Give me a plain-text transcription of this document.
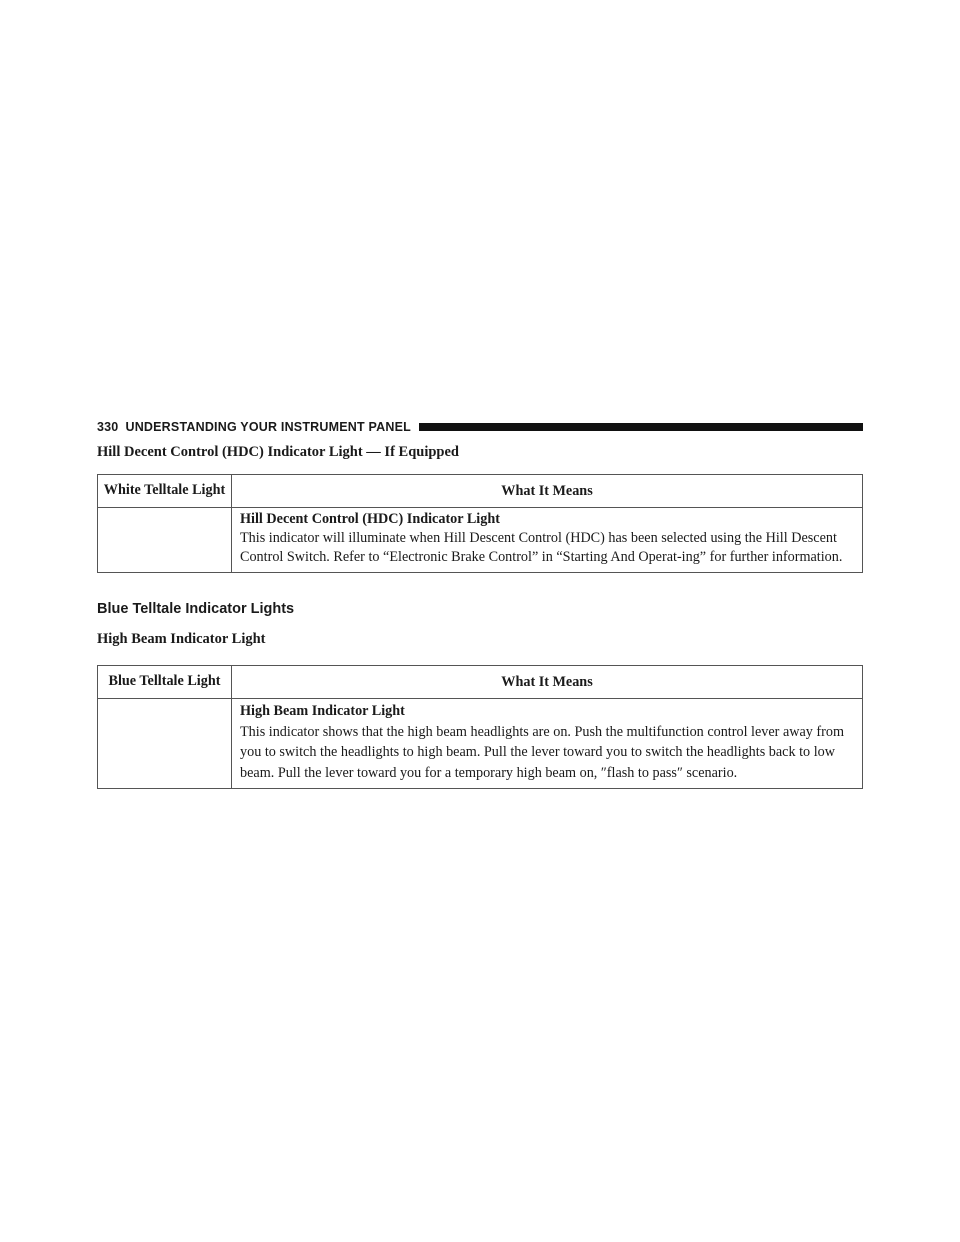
330 UNDERSTANDING YOUR INSTRUMENT PANEL
Hill Decent Control (HDC) Indicator Light — If Equipped
White Telltale Light	What It Means

	Hill Decent Control (HDC) Indicator Light
This indicator will illuminate when Hill Descent Control (HDC) has been selected using the Hill Descent Control Switch. Refer to “Electronic Brake Control” in “Starting And Operat-ing” for further information.
Blue Telltale Indicator Lights
High Beam Indicator Light
Blue Telltale Light	What It Means

	High Beam Indicator Light
This indicator shows that the high beam headlights are on. Push the multifunction control lever away from you to switch the headlights to high beam. Pull the lever toward you to switch the headlights back to low beam. Pull the lever toward you for a temporary high beam on, ″flash to pass″ scenario.
